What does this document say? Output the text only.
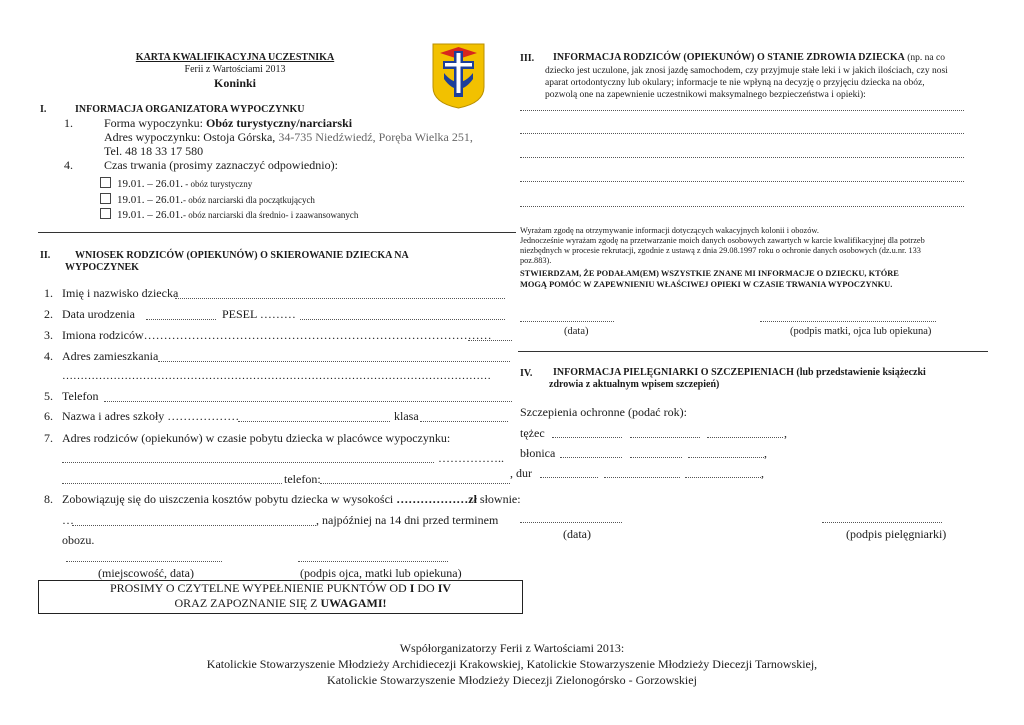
KARTA KWALIFIKACYJNA UCZESTNIKA
Ferii z Wartościami 2013
Koninki
I.	INFORMACJA ORGANIZATORA WYPOCZYNKU
1.	Forma wypoczynku: Obóz turystyczny/narciarski
Adres wypoczynku: Ostoja Górska, 34-735 Niedźwiedź, Poręba Wielka 251,
Tel. 48 18 33 17 580
4.	Czas trwania (prosimy zaznaczyć odpowiednio):
19.01. – 26.01. - obóz turystyczny
19.01. – 26.01.- obóz narciarski dla początkujących
19.01. – 26.01.- obóz narciarski dla średnio- i zaawansowanych
II. WNIOSEK RODZICÓW (OPIEKUNÓW) O SKIEROWANIE DZIECKA NA
WYPOCZYNEK
1. Imię i nazwisko dziecka
2. Data urodzenia	PESEL ………
3. Imiona rodziców……………………………………………………………………………
4. Adres zamieszkania
………………………………………………………………………………………………………
5. Telefon
6. Nazwa i adres szkoły ………………	klasa
7. Adres rodziców (opiekunów) w czasie pobytu dziecka w placówce wypoczynku:
……………..
telefon:
8. Zobowiązuję się do uiszczenia kosztów pobytu dziecka w wysokości ………………zł słownie:
…	, najpóźniej na 14 dni przed terminem
obozu.
(miejscowość, data)	(podpis ojca, matki lub opiekuna)
PROSIMY O CZYTELNE WYPEŁNIENIE PUKNTÓW OD I DO IV
ORAZ ZAPOZNANIE SIĘ Z UWAGAMI!
III. INFORMACJA RODZICÓW (OPIEKUNÓW) O STANIE ZDROWIA DZIECKA (np. na co
dziecko jest uczulone, jak znosi jazdę samochodem, czy przyjmuje stałe leki i w jakich ilościach, czy nosi
aparat ortodontyczny lub okulary; informacje te nie wpłyną na decyzję o przyjęciu dziecka na obóz,
pozwolą one na zapewnienie uczestnikowi maksymalnego bezpieczeństwa i opieki):
Wyrażam zgodę na otrzymywanie informacji dotyczących wakacyjnych kolonii i obozów.
Jednocześnie wyrażam zgodę na przetwarzanie moich danych osobowych zawartych w karcie kwalifikacyjnej dla potrzeb
niezbędnych w procesie rekrutacji, zgodnie z ustawą z dnia 29.08.1997 roku o ochronie danych osobowych (dz.u.nr. 133
poz.883).
STWIERDZAM, ŻE PODAŁAM(EM) WSZYSTKIE ZNANE MI INFORMACJE O DZIECKU, KTÓRE
MOGĄ POMÓC W ZAPEWNIENIU WŁAŚCIWEJ OPIEKI W CZASIE TRWANIA WYPOCZYNKU.
(data)	(podpis matki, ojca lub opiekuna)
IV. INFORMACJA PIELĘGNIARKI O SZCZEPIENIACH (lub przedstawienie książeczki
zdrowia z aktualnym wpisem szczepień)
Szczepienia ochronne (podać rok):
tężec	,
błonica	,
, dur	,
(data)	(podpis pielęgniarki)
Współorganizatorzy Ferii z Wartościami 2013:
Katolickie Stowarzyszenie Młodzieży Archidiecezji Krakowskiej, Katolickie Stowarzyszenie Młodzieży Diecezji Tarnowskiej,
Katolickie Stowarzyszenie Młodzieży Diecezji Zielonogórsko - Gorzowskiej
